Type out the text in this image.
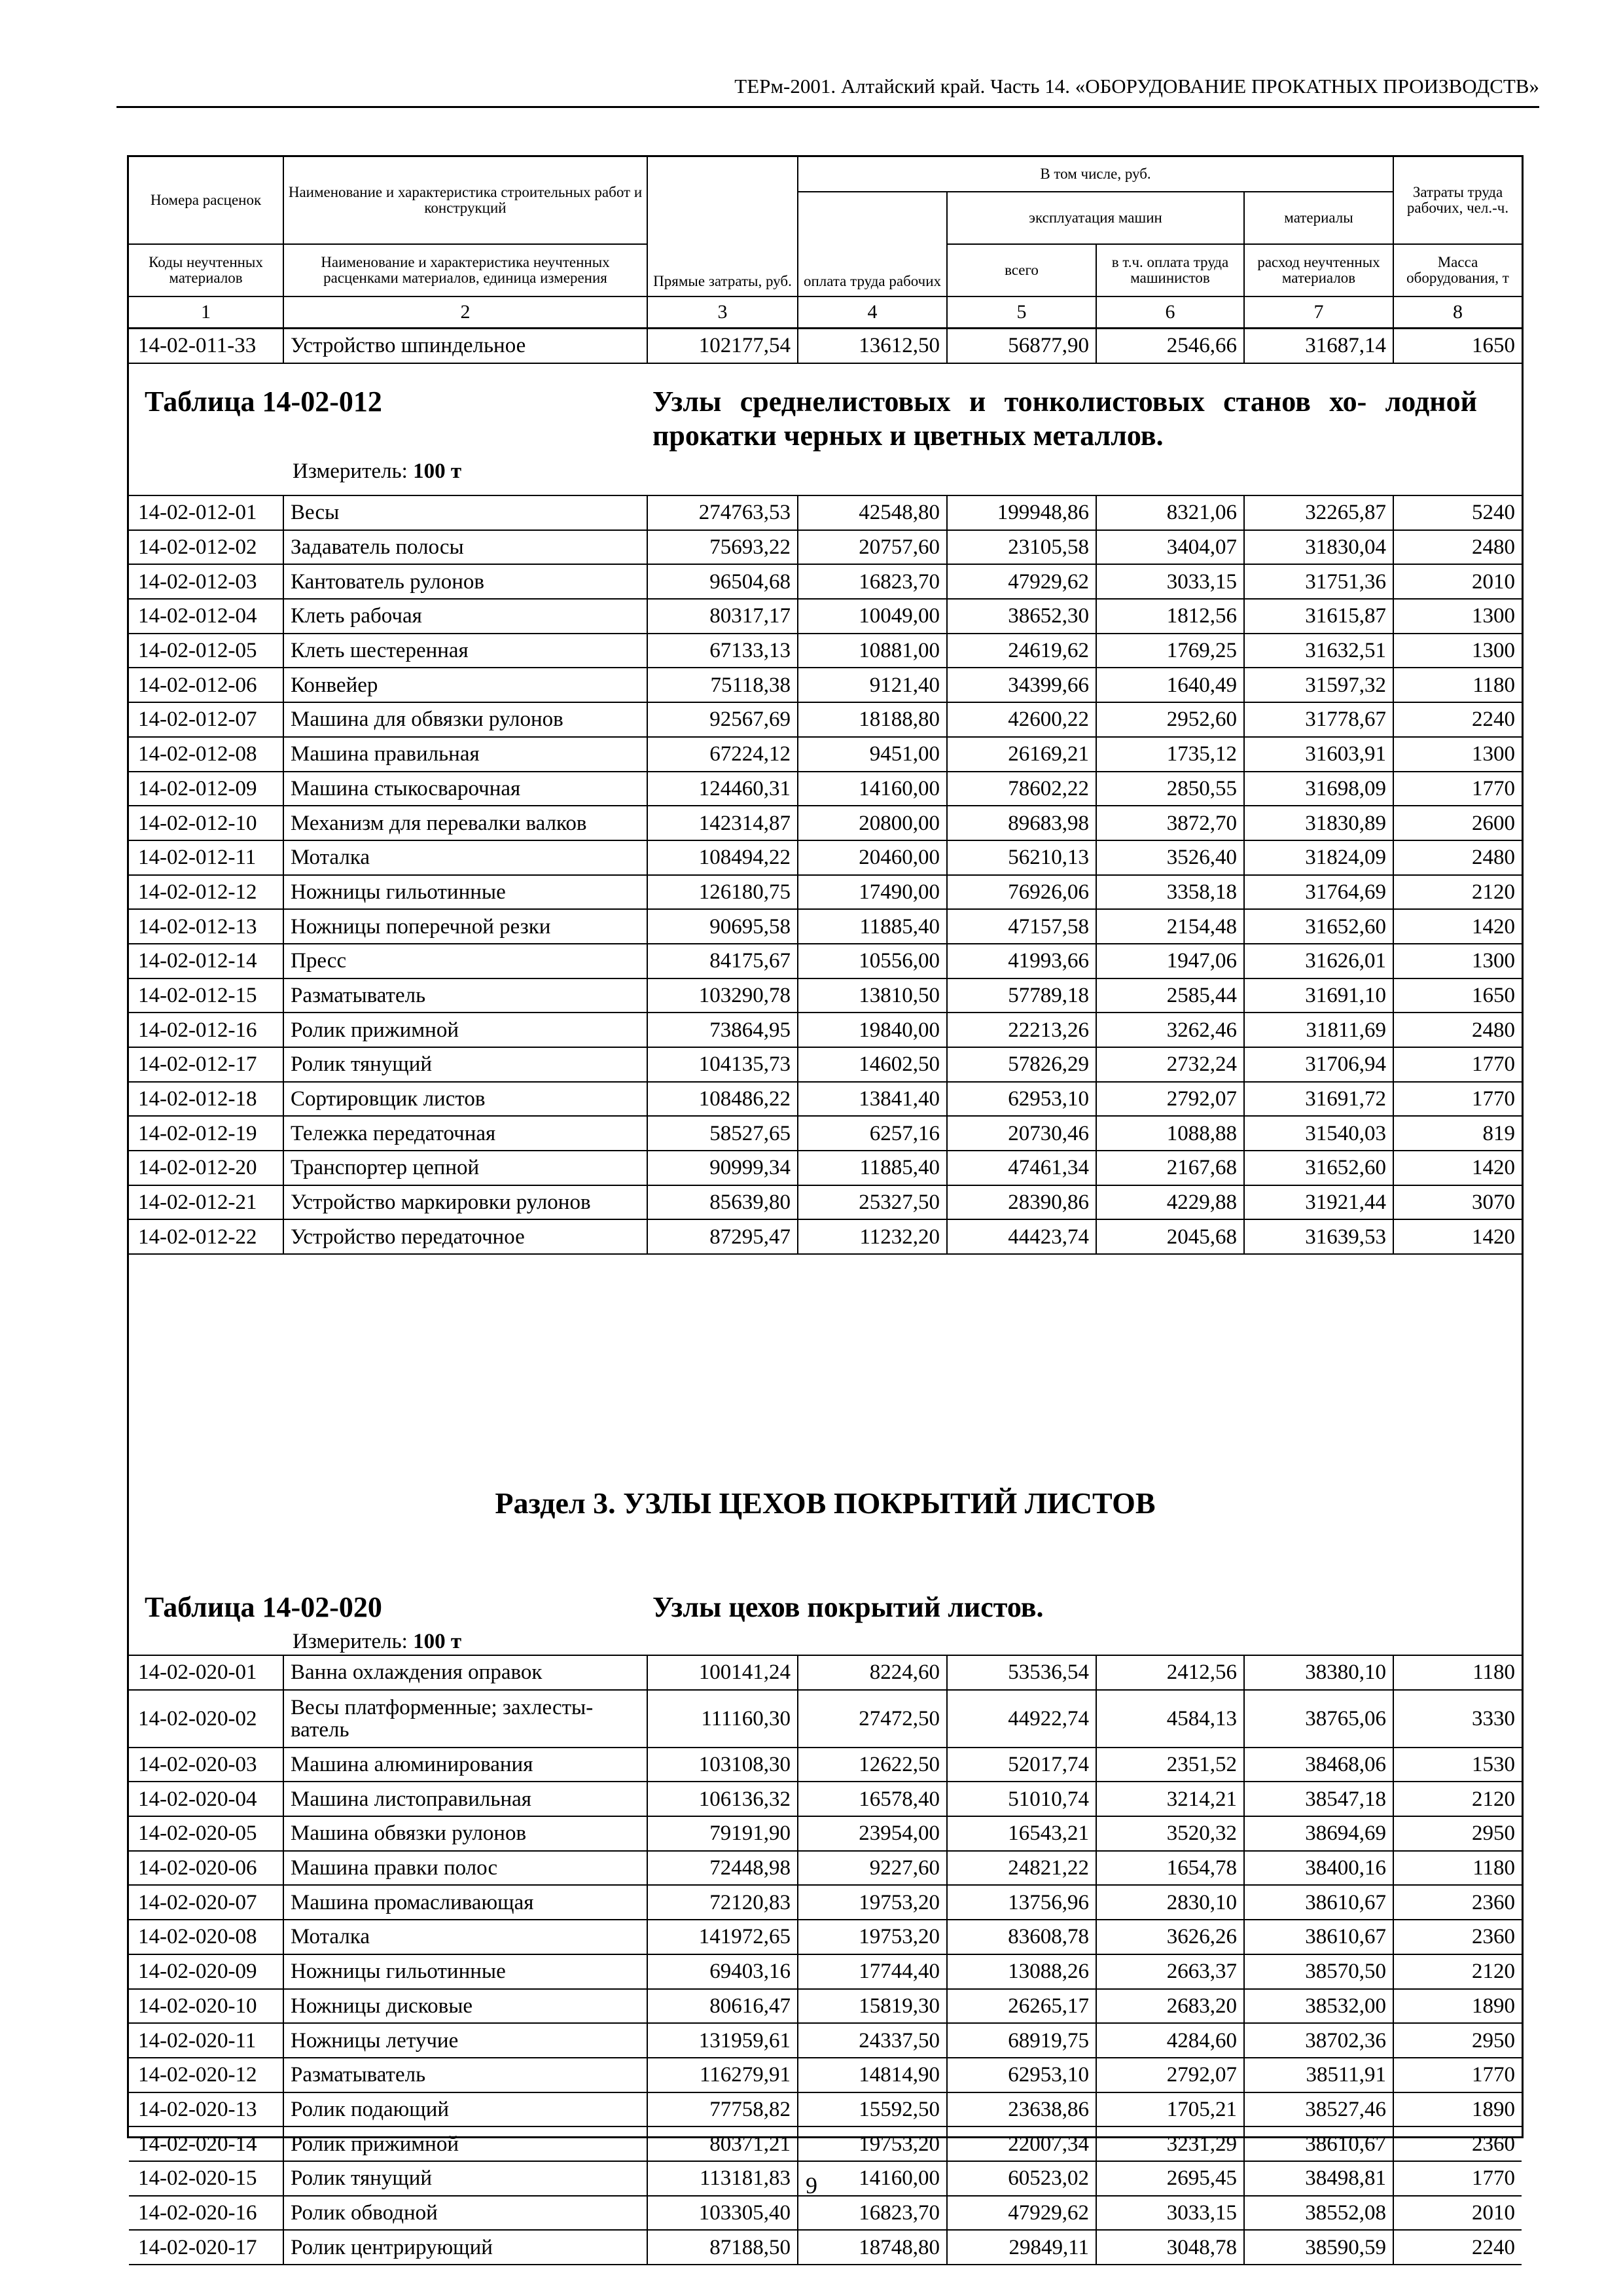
ТЕРм-2001. Алтайский край. Часть 14. «ОБОРУДОВАНИЕ ПРОКАТНЫХ ПРОИЗВОДСТВ»
Номера расценок	Наименование и характеристика строительных работ и конструкций	Прямые затраты, руб.	В том числе, руб.				Затраты труда рабочих, чел.-ч.
			оплата труда рабочих	эксплуатация машин		материалы	
Коды неучтенных материалов	Наименование и характеристика неучтенных расценками материалов, единица измерения			всего	в т.ч. оплата труда машинистов	расход неучтенных материалов	Масса оборудования, т
1	2	3	4	5	6	7	8
14-02-011-33	Устройство шпиндельное	102177,54	13612,50	56877,90	2546,66	31687,14	1650
Таблица 14-02-012	Узлы среднелистовых и тонколистовых станов хо- лодной прокатки черных и цветных металлов.
Измеритель: 100 т
14-02-012-01	Весы	274763,53	42548,80	199948,86	8321,06	32265,87	5240
14-02-012-02	Задаватель полосы	75693,22	20757,60	23105,58	3404,07	31830,04	2480
14-02-012-03	Кантователь рулонов	96504,68	16823,70	47929,62	3033,15	31751,36	2010
14-02-012-04	Клеть рабочая	80317,17	10049,00	38652,30	1812,56	31615,87	1300
14-02-012-05	Клеть шестеренная	67133,13	10881,00	24619,62	1769,25	31632,51	1300
14-02-012-06	Конвейер	75118,38	9121,40	34399,66	1640,49	31597,32	1180
14-02-012-07	Машина для обвязки рулонов	92567,69	18188,80	42600,22	2952,60	31778,67	2240
14-02-012-08	Машина правильная	67224,12	9451,00	26169,21	1735,12	31603,91	1300
14-02-012-09	Машина стыкосварочная	124460,31	14160,00	78602,22	2850,55	31698,09	1770
14-02-012-10	Механизм для перевалки валков	142314,87	20800,00	89683,98	3872,70	31830,89	2600
14-02-012-11	Моталка	108494,22	20460,00	56210,13	3526,40	31824,09	2480
14-02-012-12	Ножницы гильотинные	126180,75	17490,00	76926,06	3358,18	31764,69	2120
14-02-012-13	Ножницы поперечной резки	90695,58	11885,40	47157,58	2154,48	31652,60	1420
14-02-012-14	Пресс	84175,67	10556,00	41993,66	1947,06	31626,01	1300
14-02-012-15	Разматыватель	103290,78	13810,50	57789,18	2585,44	31691,10	1650
14-02-012-16	Ролик прижимной	73864,95	19840,00	22213,26	3262,46	31811,69	2480
14-02-012-17	Ролик тянущий	104135,73	14602,50	57826,29	2732,24	31706,94	1770
14-02-012-18	Сортировщик листов	108486,22	13841,40	62953,10	2792,07	31691,72	1770
14-02-012-19	Тележка передаточная	58527,65	6257,16	20730,46	1088,88	31540,03	819
14-02-012-20	Транспортер цепной	90999,34	11885,40	47461,34	2167,68	31652,60	1420
14-02-012-21	Устройство маркировки рулонов	85639,80	25327,50	28390,86	4229,88	31921,44	3070
14-02-012-22	Устройство передаточное	87295,47	11232,20	44423,74	2045,68	31639,53	1420
Раздел 3. УЗЛЫ ЦЕХОВ ПОКРЫТИЙ ЛИСТОВ
Таблица 14-02-020	Узлы цехов покрытий листов.
Измеритель: 100 т
14-02-020-01	Ванна охлаждения оправок	100141,24	8224,60	53536,54	2412,56	38380,10	1180
14-02-020-02	Весы платформенные; захлесты- ватель	111160,30	27472,50	44922,74	4584,13	38765,06	3330
14-02-020-03	Машина алюминирования	103108,30	12622,50	52017,74	2351,52	38468,06	1530
14-02-020-04	Машина листоправильная	106136,32	16578,40	51010,74	3214,21	38547,18	2120
14-02-020-05	Машина обвязки рулонов	79191,90	23954,00	16543,21	3520,32	38694,69	2950
14-02-020-06	Машина правки полос	72448,98	9227,60	24821,22	1654,78	38400,16	1180
14-02-020-07	Машина промасливающая	72120,83	19753,20	13756,96	2830,10	38610,67	2360
14-02-020-08	Моталка	141972,65	19753,20	83608,78	3626,26	38610,67	2360
14-02-020-09	Ножницы гильотинные	69403,16	17744,40	13088,26	2663,37	38570,50	2120
14-02-020-10	Ножницы дисковые	80616,47	15819,30	26265,17	2683,20	38532,00	1890
14-02-020-11	Ножницы летучие	131959,61	24337,50	68919,75	4284,60	38702,36	2950
14-02-020-12	Разматыватель	116279,91	14814,90	62953,10	2792,07	38511,91	1770
14-02-020-13	Ролик подающий	77758,82	15592,50	23638,86	1705,21	38527,46	1890
14-02-020-14	Ролик прижимной	80371,21	19753,20	22007,34	3231,29	38610,67	2360
14-02-020-15	Ролик тянущий	113181,83	14160,00	60523,02	2695,45	38498,81	1770
14-02-020-16	Ролик обводной	103305,40	16823,70	47929,62	3033,15	38552,08	2010
14-02-020-17	Ролик центрирующий	87188,50	18748,80	29849,11	3048,78	38590,59	2240
9
